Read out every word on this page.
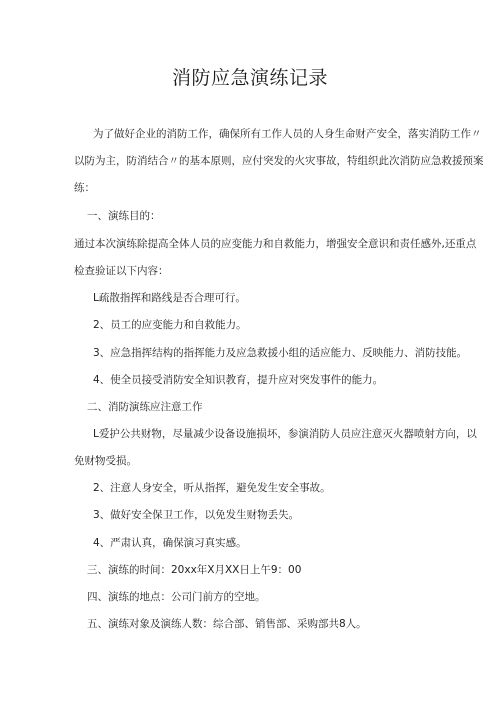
消防应急演练记录
为了做好企业的消防工作，确保所有工作人员的人身生命财产安全，落实消防工作〃
以防为主，防消结合〃的基本原则，应付突发的火灾事故，特组织此次消防应急救援预案
练：
一、演练目的：
通过本次演练除提高全体人员的应变能力和自救能力，增强安全意识和责任感外,还重点
检查验证以下内容：
L疏散指挥和路线是否合理可行。
2、员工的应变能力和自救能力。
3、应急指挥结构的指挥能力及应急救援小组的适应能力、反映能力、消防技能。
4、使全员接受消防安全知识教育，提升应对突发事件的能力。
二、消防演练应注意工作
L爱护公共财物，尽量减少设备设施损坏，参演消防人员应注意灭火器喷射方向，以
免财物受损。
2、注意人身安全，听从指挥，避免发生安全事故。
3、做好安全保卫工作，以免发生财物丢失。
4、严肃认真，确保演习真实感。
三、演练的时间：20xx年X月XX日上午9：00
四、演练的地点：公司门前方的空地。
五、演练对象及演练人数：综合部、销售部、采购部共8人。
